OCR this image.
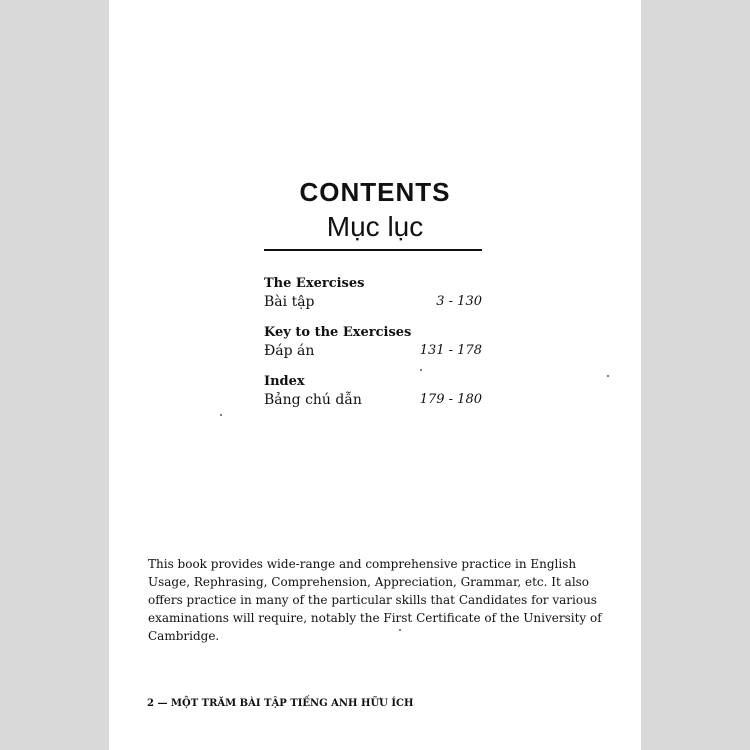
CONTENTS
Mục lục
The Exercises
Bài tập	3 - 130
Key to the Exercises
Đáp án	131 - 178
Index
Bảng chú dẫn	179 - 180
This book provides wide-range and comprehensive practice in English Usage, Rephrasing, Comprehension, Appreciation, Grammar, etc. It also offers practice in many of the particular skills that Candidates for various examinations will require, notably the First Certificate of the University of Cambridge.
2 — MỘT TRĂM BÀI TẬP TIẾNG ANH HỮU ÍCH
